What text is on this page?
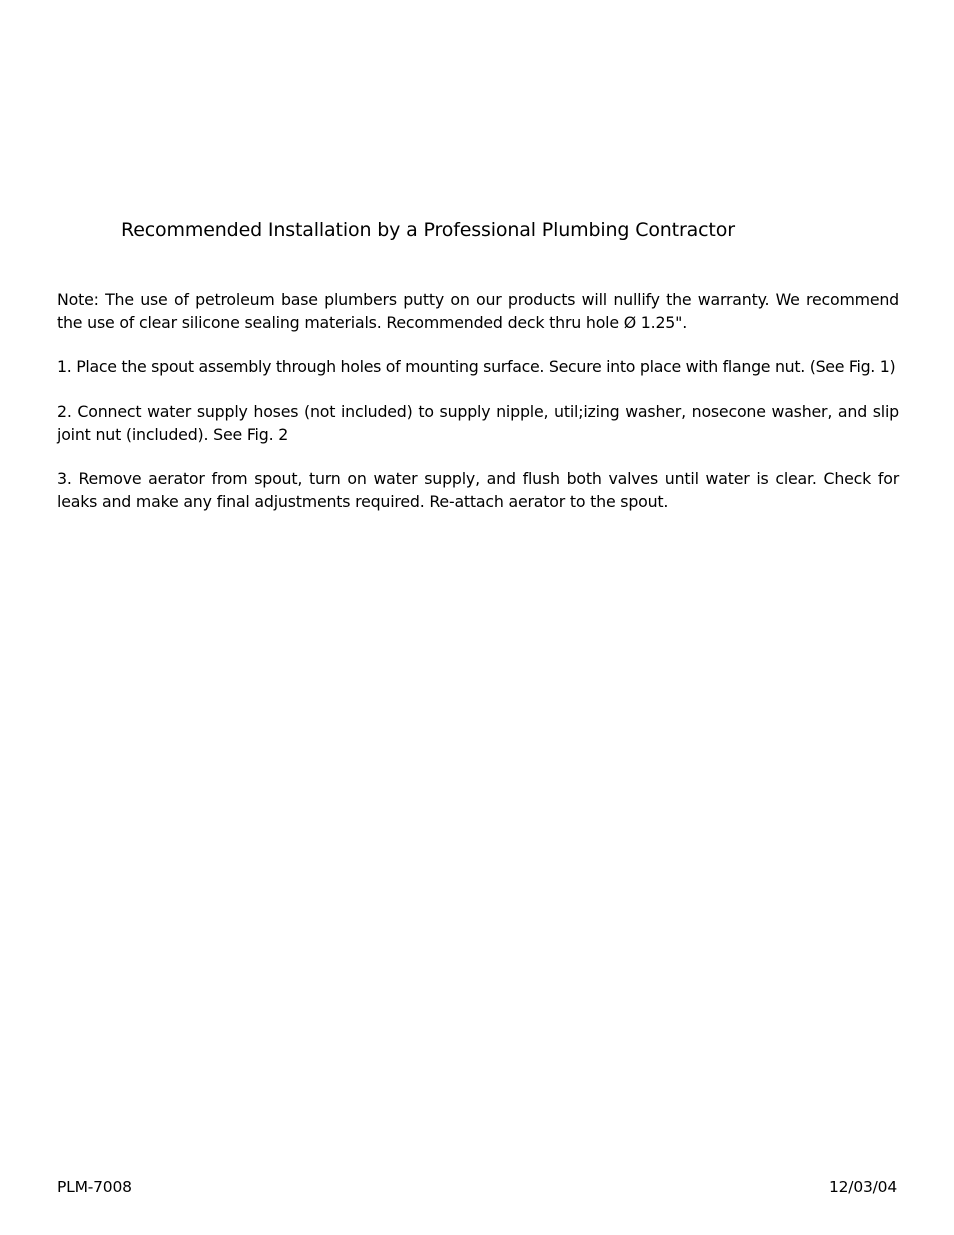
Recommended Installation by a Professional Plumbing Contractor
Note: The use of petroleum base plumbers putty on our products will nullify the warranty. We recommend the use of clear silicone sealing materials. Recommended deck thru hole Ø 1.25".
1. Place the spout assembly through holes of mounting surface. Secure into place with flange nut. (See Fig. 1)
2. Connect water supply hoses (not included) to supply nipple, util;izing washer, nosecone washer, and slip joint nut (included). See Fig. 2
3. Remove aerator from spout, turn on water supply, and flush both valves until water is clear. Check for leaks and make any final adjustments required. Re-attach aerator to the spout.
PLM-7008	12/03/04
